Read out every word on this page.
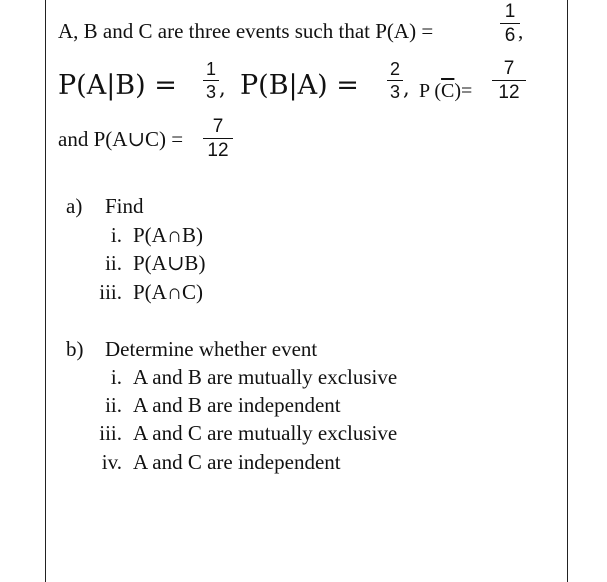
A, B and C are three events such that P(A) =
1
6 ,
P(A|B) =
1
3 , P(B|A) =
2
3 , P $(\overline{C})=$
7
12
and P(A∪C) =
7
12
a) Find
i. P(A∩B)
ii. P(A∪B)
iii. P(A∩C)
b) Determine whether event
i. A and B are mutually exclusive
ii. A and B are independent
iii. A and C are mutually exclusive
iv. A and C are independent
